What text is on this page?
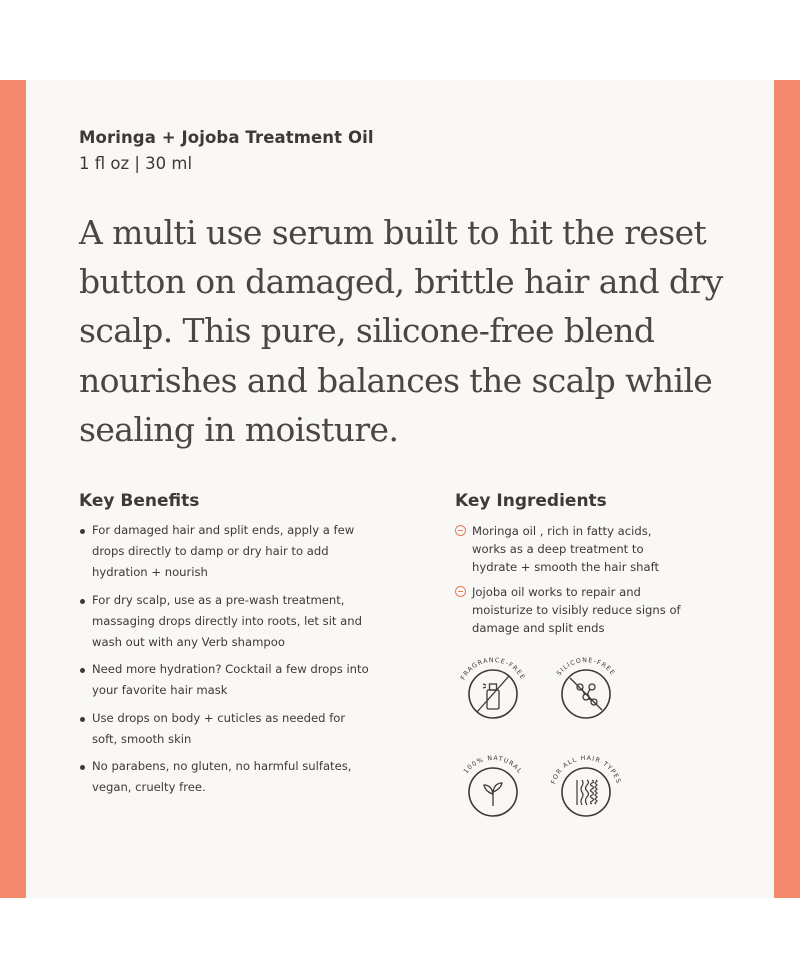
Moringa + Jojoba Treatment Oil

1 fl oz | 30 ml

A multi use serum built to hit the reset button on damaged, brittle hair and dry scalp. This pure, silicone-free blend nourishes and balances the scalp while sealing in moisture.

Key Benefits
For damaged hair and split ends, apply a few drops directly to damp or dry hair to add hydration + nourish
For dry scalp, use as a pre-wash treatment, massaging drops directly into roots, let sit and wash out with any Verb shampoo
Need more hydration? Cocktail a few drops into your favorite hair mask
Use drops on body + cuticles as needed for soft, smooth skin
No parabens, no gluten, no harmful sulfates, vegan, cruelty free.
Key Ingredients
Moringa oil , rich in fatty acids, works as a deep treatment to hydrate + smooth the hair shaft
Jojoba oil works to repair and moisturize to visibly reduce signs of damage and split ends
FRAGRANCE-FREE
SILICONE-FREE
100% NATURAL
FOR ALL HAIR TYPES
